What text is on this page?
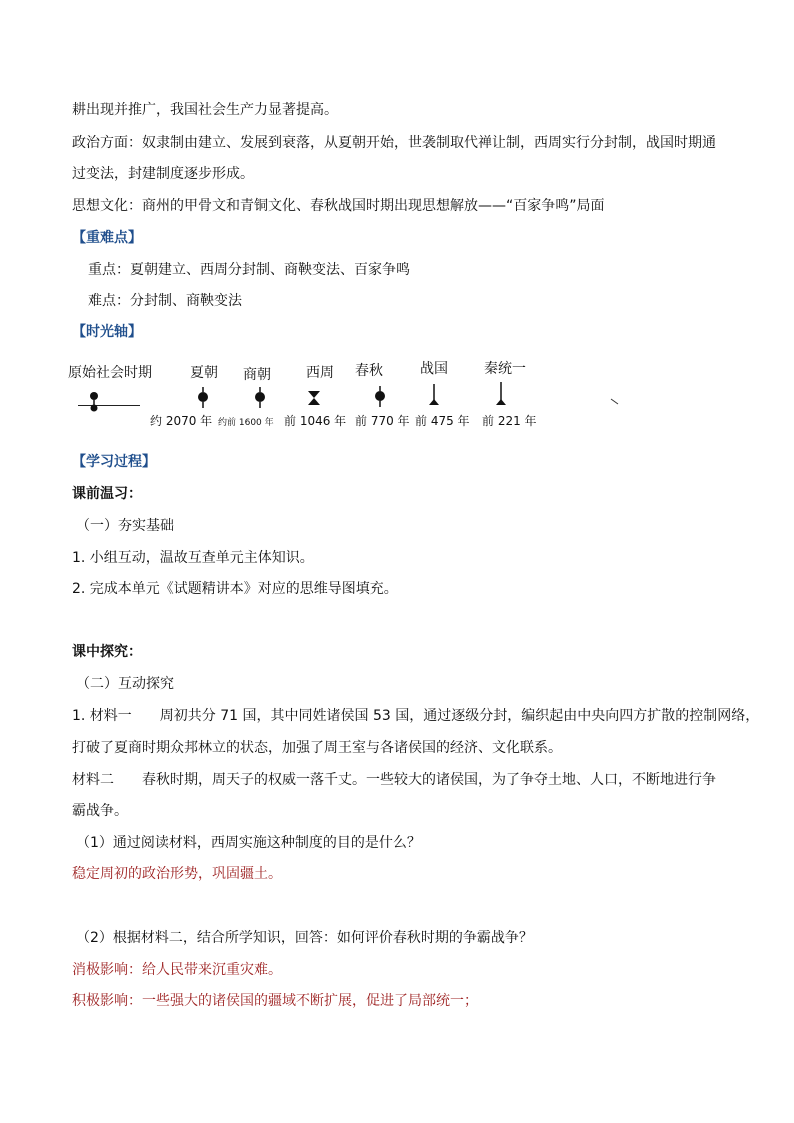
耕出现并推广，我国社会生产力显著提高。
政治方面：奴隶制由建立、发展到衰落，从夏朝开始，世袭制取代禅让制，西周实行分封制，战国时期通
过变法，封建制度逐步形成。
思想文化：商州的甲骨文和青铜文化、春秋战国时期出现思想解放——“百家争鸣”局面
【重难点】
重点：夏朝建立、西周分封制、商鞅变法、百家争鸣
难点：分封制、商鞅变法
【时光轴】
原始社会时期	夏朝
约 2070 年
商朝
约前 1600 年
西周
前 1046 年
春秋
前 770 年
战国
前 475 年
秦统一
前 221 年
【学习过程】
课前温习：
（一）夯实基础
1. 小组互动，温故互查单元主体知识。
2. 完成本单元《试题精讲本》对应的思维导图填充。
课中探究：
（二）互动探究
1. 材料一　　周初共分 71 国，其中同姓诸侯国 53 国，通过逐级分封，编织起由中央向四方扩散的控制网络，
打破了夏商时期众邦林立的状态，加强了周王室与各诸侯国的经济、文化联系。
材料二　　春秋时期，周天子的权威一落千丈。一些较大的诸侯国，为了争夺土地、人口，不断地进行争
霸战争。
（1）通过阅读材料，西周实施这种制度的目的是什么？
稳定周初的政治形势，巩固疆土。
（2）根据材料二，结合所学知识，回答：如何评价春秋时期的争霸战争？
消极影响：给人民带来沉重灾难。
积极影响：一些强大的诸侯国的疆域不断扩展，促进了局部统一；
